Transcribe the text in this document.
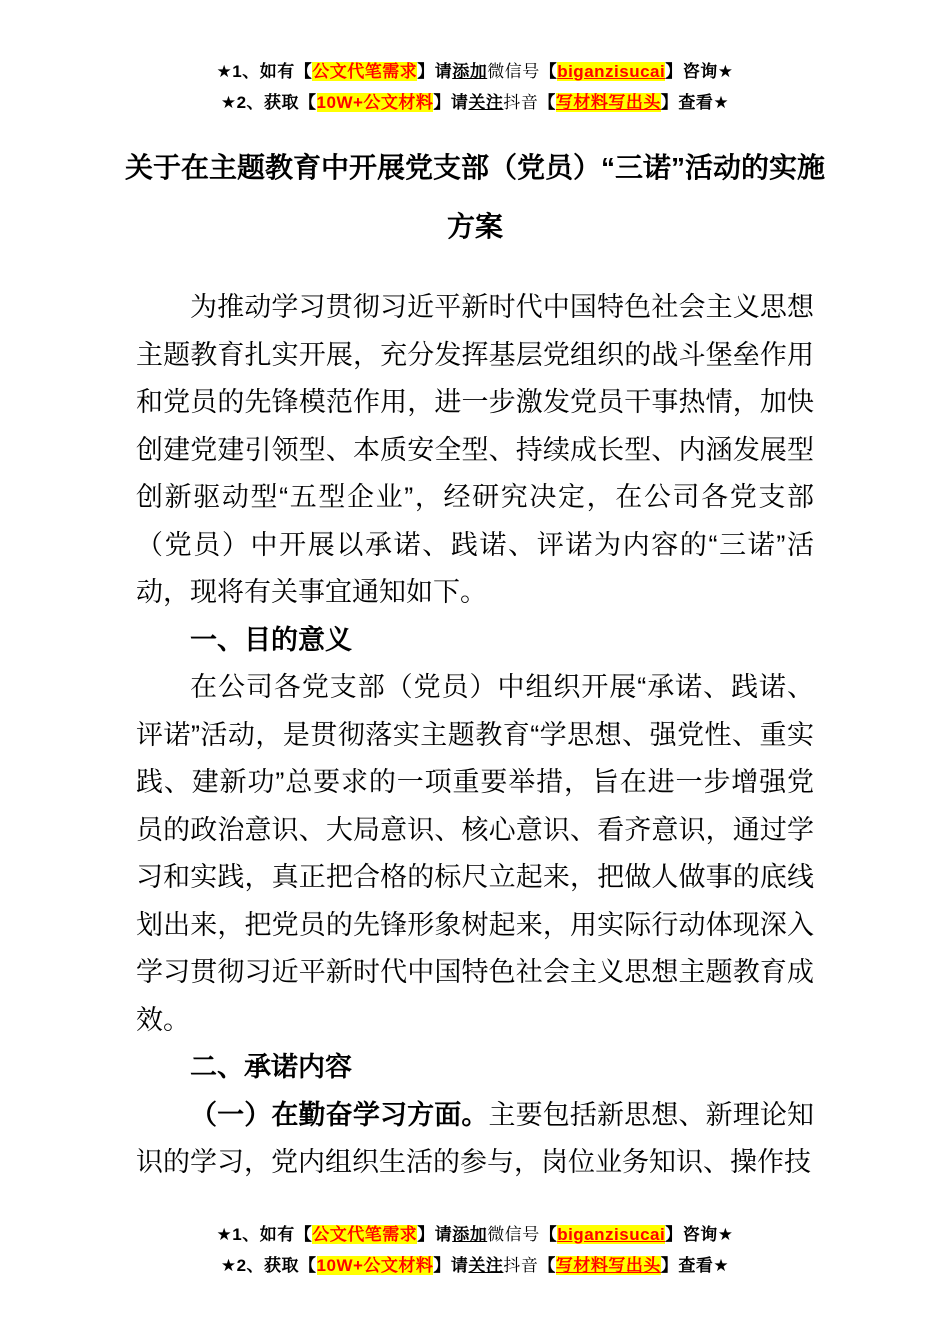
★1、如有【公文代笔需求】请添加微信号【biganzisucai】咨询★
★2、获取【10W+公文材料】请关注抖音【写材料写出头】查看★
关于在主题教育中开展党支部（党员）“三诺”活动的实施方案

为推动学习贯彻习近平新时代中国特色社会主义思想主题教育扎实开展，充分发挥基层党组织的战斗堡垒作用和党员的先锋模范作用，进一步激发党员干事热情，加快创建党建引领型、本质安全型、持续成长型、内涵发展型创新驱动型“五型企业”，经研究决定，在公司各党支部（党员）中开展以承诺、践诺、评诺为内容的“三诺”活动，现将有关事宜通知如下。

一、目的意义

在公司各党支部（党员）中组织开展“承诺、践诺、评诺”活动，是贯彻落实主题教育“学思想、强党性、重实践、建新功”总要求的一项重要举措，旨在进一步增强党员的政治意识、大局意识、核心意识、看齐意识，通过学习和实践，真正把合格的标尺立起来，把做人做事的底线划出来，把党员的先锋形象树起来，用实际行动体现深入学习贯彻习近平新时代中国特色社会主义思想主题教育成效。

二、承诺内容

（一）在勤奋学习方面。主要包括新思想、新理论知识的学习，党内组织生活的参与，岗位业务知识、操作技

★1、如有【公文代笔需求】请添加微信号【biganzisucai】咨询★
★2、获取【10W+公文材料】请关注抖音【写材料写出头】查看★
